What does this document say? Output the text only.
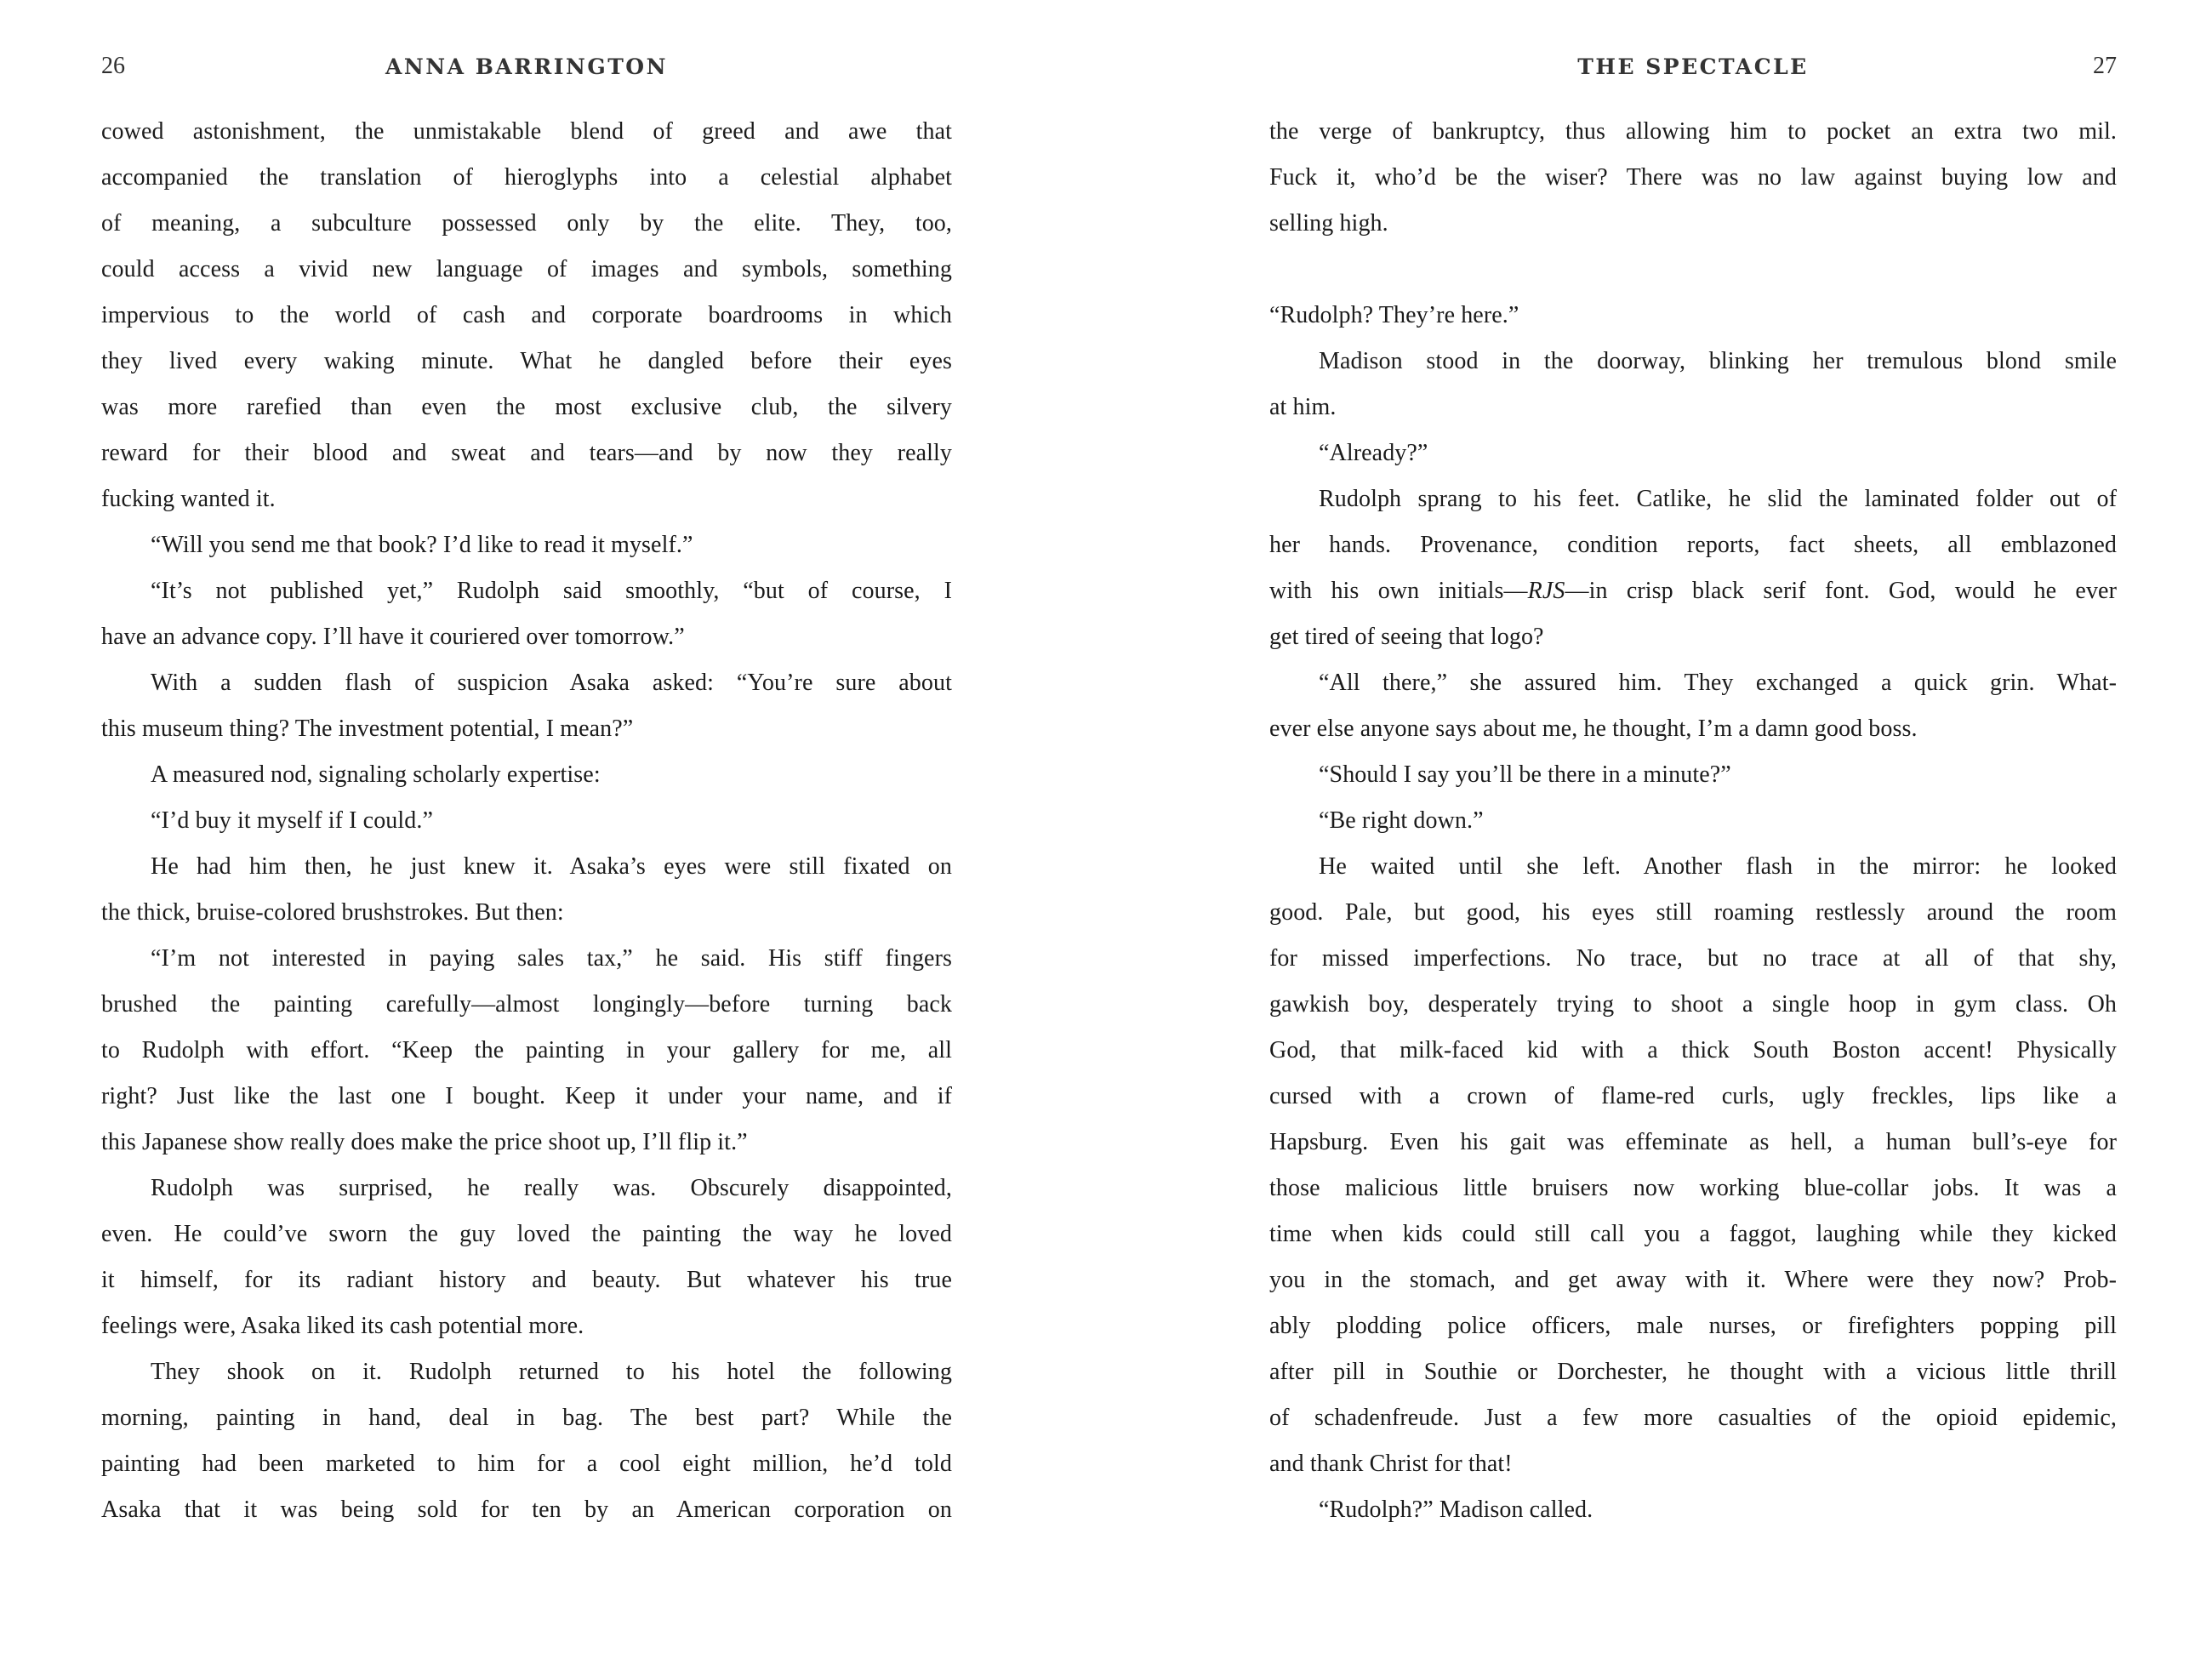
26	ANNA BARRINGTON	THE SPECTACLE	27
cowed astonishment, the unmistakable blend of greed and awe that
accompanied the translation of hieroglyphs into a celestial alphabet
of meaning, a subculture possessed only by the elite. They, too,
could access a vivid new language of images and symbols, something
impervious to the world of cash and corporate boardrooms in which
they lived every waking minute. What he dangled before their eyes
was more rarefied than even the most exclusive club, the silvery
reward for their blood and sweat and tears—and by now they really
fucking wanted it.
“Will you send me that book? I’d like to read it myself.”
“It’s not published yet,” Rudolph said smoothly, “but of course, I
have an advance copy. I’ll have it couriered over tomorrow.”
With a sudden flash of suspicion Asaka asked: “You’re sure about
this museum thing? The investment potential, I mean?”
A measured nod, signaling scholarly expertise:
“I’d buy it myself if I could.”
He had him then, he just knew it. Asaka’s eyes were still fixated on
the thick, bruise-colored brushstrokes. But then:
“I’m not interested in paying sales tax,” he said. His stiff fingers
brushed the painting carefully—almost longingly—before turning back
to Rudolph with effort. “Keep the painting in your gallery for me, all
right? Just like the last one I bought. Keep it under your name, and if
this Japanese show really does make the price shoot up, I’ll flip it.”
Rudolph was surprised, he really was. Obscurely disappointed,
even. He could’ve sworn the guy loved the painting the way he loved
it himself, for its radiant history and beauty. But whatever his true
feelings were, Asaka liked its cash potential more.
They shook on it. Rudolph returned to his hotel the following
morning, painting in hand, deal in bag. The best part? While the
painting had been marketed to him for a cool eight million, he’d told
Asaka that it was being sold for ten by an American corporation on
the verge of bankruptcy, thus allowing him to pocket an extra two mil.
Fuck it, who’d be the wiser? There was no law against buying low and
selling high.
“Rudolph? They’re here.”
Madison stood in the doorway, blinking her tremulous blond smile
at him.
“Already?”
Rudolph sprang to his feet. Catlike, he slid the laminated folder out of
her hands. Provenance, condition reports, fact sheets, all emblazoned
with his own initials—RJS—in crisp black serif font. God, would he ever
get tired of seeing that logo?
“All there,” she assured him. They exchanged a quick grin. What-
ever else anyone says about me, he thought, I’m a damn good boss.
“Should I say you’ll be there in a minute?”
“Be right down.”
He waited until she left. Another flash in the mirror: he looked
good. Pale, but good, his eyes still roaming restlessly around the room
for missed imperfections. No trace, but no trace at all of that shy,
gawkish boy, desperately trying to shoot a single hoop in gym class. Oh
God, that milk-faced kid with a thick South Boston accent! Physically
cursed with a crown of flame-red curls, ugly freckles, lips like a
Hapsburg. Even his gait was effeminate as hell, a human bull’s-eye for
those malicious little bruisers now working blue-collar jobs. It was a
time when kids could still call you a faggot, laughing while they kicked
you in the stomach, and get away with it. Where were they now? Prob-
ably plodding police officers, male nurses, or firefighters popping pill
after pill in Southie or Dorchester, he thought with a vicious little thrill
of schadenfreude. Just a few more casualties of the opioid epidemic,
and thank Christ for that!
“Rudolph?” Madison called.
